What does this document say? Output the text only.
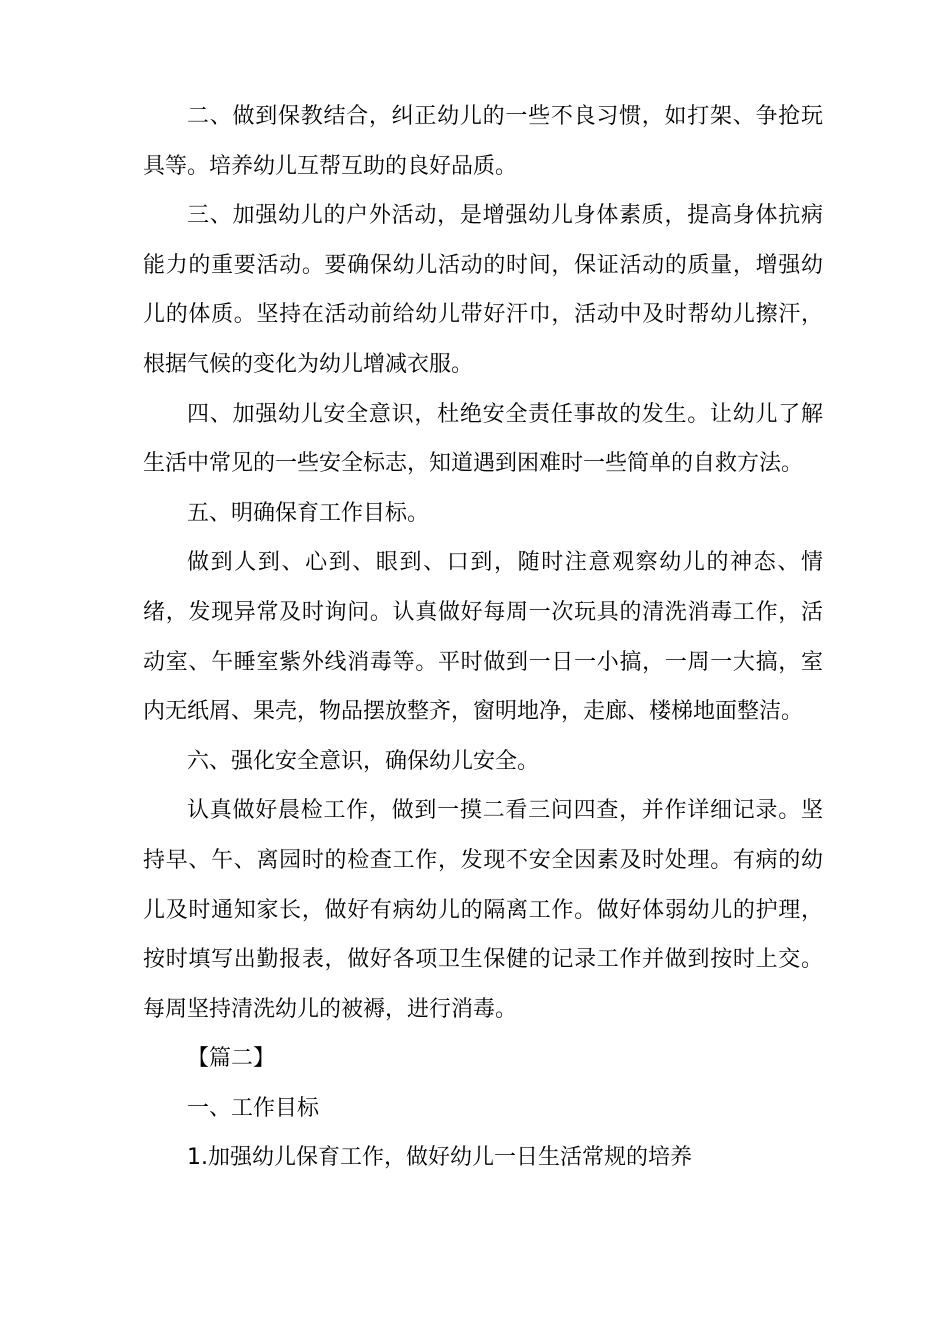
二、做到保教结合，纠正幼儿的一些不良习惯，如打架、争抢玩具等。培养幼儿互帮互助的良好品质。

三、加强幼儿的户外活动，是增强幼儿身体素质，提高身体抗病能力的重要活动。要确保幼儿活动的时间，保证活动的质量，增强幼儿的体质。坚持在活动前给幼儿带好汗巾，活动中及时帮幼儿擦汗，根据气候的变化为幼儿增减衣服。

四、加强幼儿安全意识，杜绝安全责任事故的发生。让幼儿了解生活中常见的一些安全标志，知道遇到困难时一些简单的自救方法。

五、明确保育工作目标。

做到人到、心到、眼到、口到，随时注意观察幼儿的神态、情绪，发现异常及时询问。认真做好每周一次玩具的清洗消毒工作，活动室、午睡室紫外线消毒等。平时做到一日一小搞，一周一大搞，室内无纸屑、果壳，物品摆放整齐，窗明地净，走廊、楼梯地面整洁。

六、强化安全意识，确保幼儿安全。

认真做好晨检工作，做到一摸二看三问四查，并作详细记录。坚持早、午、离园时的检查工作，发现不安全因素及时处理。有病的幼儿及时通知家长，做好有病幼儿的隔离工作。做好体弱幼儿的护理，按时填写出勤报表，做好各项卫生保健的记录工作并做到按时上交。每周坚持清洗幼儿的被褥，进行消毒。

【篇二】

一、工作目标

1.加强幼儿保育工作，做好幼儿一日生活常规的培养
